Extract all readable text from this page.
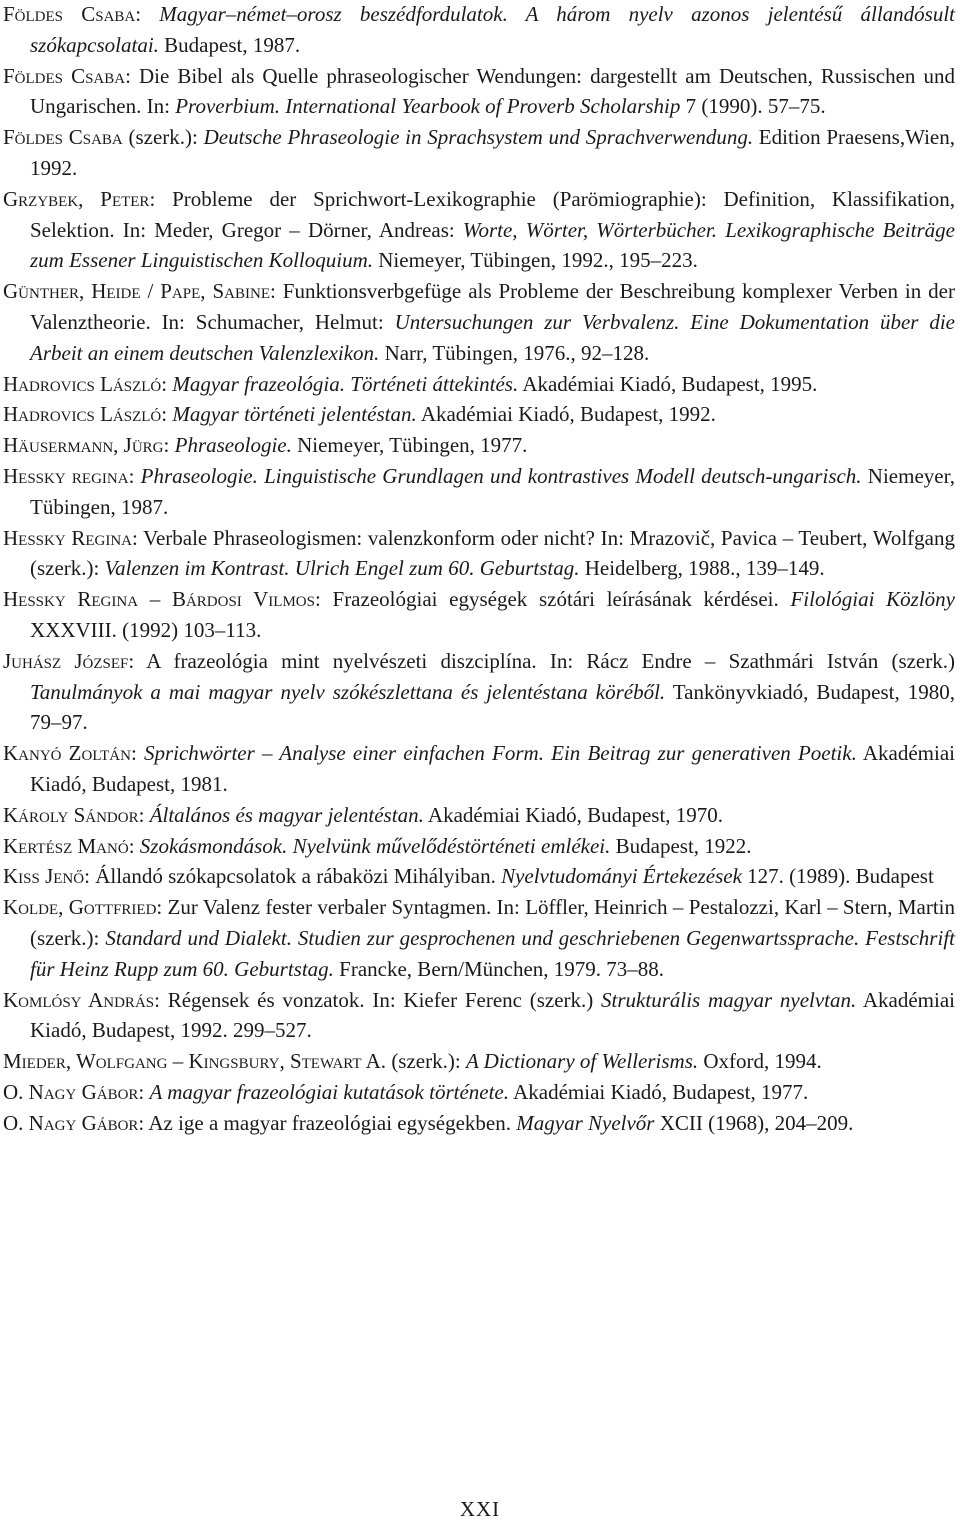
Földes Csaba: Magyar–német–orosz beszédfordulatok. A három nyelv azonos jelentésű állandósult szókapcsolatai. Budapest, 1987.
Földes Csaba: Die Bibel als Quelle phraseologischer Wendungen: dargestellt am Deutschen, Russischen und Ungarischen. In: Proverbium. International Yearbook of Proverb Scholarship 7 (1990). 57–75.
Földes Csaba (szerk.): Deutsche Phraseologie in Sprachsystem und Sprachverwendung. Edition Praesens,Wien, 1992.
Grzybek, Peter: Probleme der Sprichwort-Lexikographie (Parömiographie): Definition, Klassifikation, Selektion. In: Meder, Gregor – Dörner, Andreas: Worte, Wörter, Wörterbücher. Lexikographische Beiträge zum Essener Linguistischen Kolloquium. Niemeyer, Tübingen, 1992., 195–223.
Günther, Heide / Pape, Sabine: Funktionsverbgefüge als Probleme der Beschreibung komplexer Verben in der Valenztheorie. In: Schumacher, Helmut: Untersuchungen zur Verbvalenz. Eine Dokumentation über die Arbeit an einem deutschen Valenzlexikon. Narr, Tübingen, 1976., 92–128.
Hadrovics László: Magyar frazeológia. Történeti áttekintés. Akadémiai Kiadó, Budapest, 1995.
Hadrovics László: Magyar történeti jelentéstan. Akadémiai Kiadó, Budapest, 1992.
Häusermann, Jürg: Phraseologie. Niemeyer, Tübingen, 1977.
Hessky regina: Phraseologie. Linguistische Grundlagen und kontrastives Modell deutsch-ungarisch. Niemeyer, Tübingen, 1987.
Hessky Regina: Verbale Phraseologismen: valenzkonform oder nicht? In: Mrazovič, Pavica – Teubert, Wolfgang (szerk.): Valenzen im Kontrast. Ulrich Engel zum 60. Geburtstag. Heidelberg, 1988., 139–149.
Hessky Regina – Bárdosi Vilmos: Frazeológiai egységek szótári leírásának kérdései. Filológiai Közlöny XXXVIII. (1992) 103–113.
Juhász József: A frazeológia mint nyelvészeti diszciplína. In: Rácz Endre – Szathmári István (szerk.) Tanulmányok a mai magyar nyelv szókészlettana és jelentéstana köréből. Tankönyvkiadó, Budapest, 1980, 79–97.
Kanyó Zoltán: Sprichwörter – Analyse einer einfachen Form. Ein Beitrag zur generativen Poetik. Akadémiai Kiadó, Budapest, 1981.
Károly Sándor: Általános és magyar jelentéstan. Akadémiai Kiadó, Budapest, 1970.
Kertész Manó: Szokásmondások. Nyelvünk művelődéstörténeti emlékei. Budapest, 1922.
Kiss Jenő: Állandó szókapcsolatok a rábaközi Mihályiban. Nyelvtudományi Értekezések 127. (1989). Budapest
Kolde, Gottfried: Zur Valenz fester verbaler Syntagmen. In: Löffler, Heinrich – Pestalozzi, Karl – Stern, Martin (szerk.): Standard und Dialekt. Studien zur gesprochenen und geschriebenen Gegenwartssprache. Festschrift für Heinz Rupp zum 60. Geburtstag. Francke, Bern/München, 1979. 73–88.
Komlósy András: Régensek és vonzatok. In: Kiefer Ferenc (szerk.) Strukturális magyar nyelvtan. Akadémiai Kiadó, Budapest, 1992. 299–527.
Mieder, Wolfgang – Kingsbury, Stewart A. (szerk.): A Dictionary of Wellerisms. Oxford, 1994.
O. Nagy Gábor: A magyar frazeológiai kutatások története. Akadémiai Kiadó, Budapest, 1977.
O. Nagy Gábor: Az ige a magyar frazeológiai egységekben. Magyar Nyelvőr XCII (1968), 204–209.
XXI
